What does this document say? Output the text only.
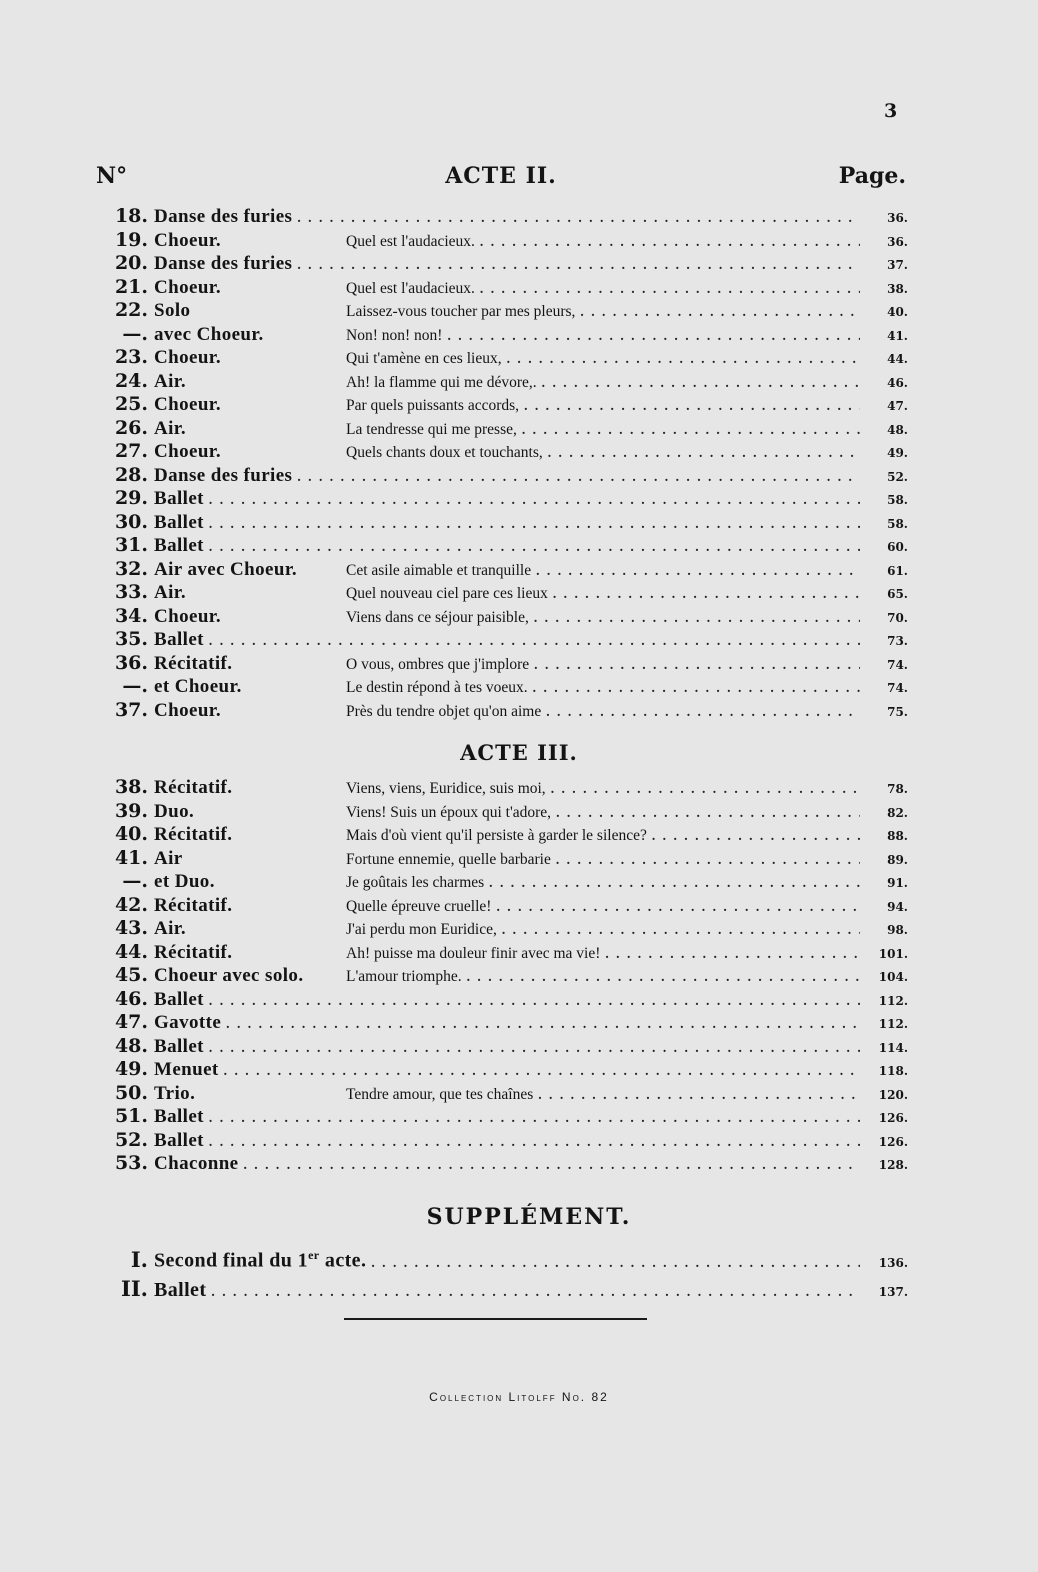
3
N°	ACTE II.	Page.
18. Danse des furies . . .	36.
19. Choeur.	Quel est l'audacieux. . . .	36.
20. Danse des furies . . .	37.
21. Choeur.	Quel est l'audacieux. . . .	38.
22. Solo	Laissez-vous toucher par mes pleurs, . . .	40.
—. avec Choeur.	Non! non! non! . . .	41.
23. Choeur.	Qui t'amène en ces lieux, . . .	44.
24. Air.	Ah! la flamme qui me dévore,. . . .	46.
25. Choeur.	Par quels puissants accords, . . .	47.
26. Air.	La tendresse qui me presse, . . .	48.
27. Choeur.	Quels chants doux et touchants, . . .	49.
28. Danse des furies . . .	52.
29. Ballet . . .	58.
30. Ballet . . .	58.
31. Ballet . . .	60.
32. Air avec Choeur.	Cet asile aimable et tranquille . . .	61.
33. Air.	Quel nouveau ciel pare ces lieux . . .	65.
34. Choeur.	Viens dans ce séjour paisible, . . .	70.
35. Ballet . . .	73.
36. Récitatif.	O vous, ombres que j'implore . . .	74.
—. et Choeur.	Le destin répond à tes voeux. . . .	74.
37. Choeur.	Près du tendre objet qu'on aime . . .	75.
ACTE III.
38. Récitatif.	Viens, viens, Euridice, suis moi, . . .	78.
39. Duo.	Viens! Suis un époux qui t'adore, . . .	82.
40. Récitatif.	Mais d'où vient qu'il persiste à garder le silence? . . .	88.
41. Air	Fortune ennemie, quelle barbarie . . .	89.
—. et Duo.	Je goûtais les charmes . . .	91.
42. Récitatif.	Quelle épreuve cruelle! . . .	94.
43. Air.	J'ai perdu mon Euridice, . . .	98.
44. Récitatif.	Ah! puisse ma douleur finir avec ma vie! . . .	101.
45. Choeur avec solo.	L'amour triomphe. . . .	104.
46. Ballet . . .	112.
47. Gavotte . . .	112.
48. Ballet . . .	114.
49. Menuet . . .	118.
50. Trio.	Tendre amour, que tes chaînes . . .	120.
51. Ballet . . .	126.
52. Ballet . . .	126.
53. Chaconne . . .	128.
SUPPLÉMENT.
I. Second final du 1er acte. . . .	136.
II. Ballet . . .	137.
Collection Litolff No. 82
